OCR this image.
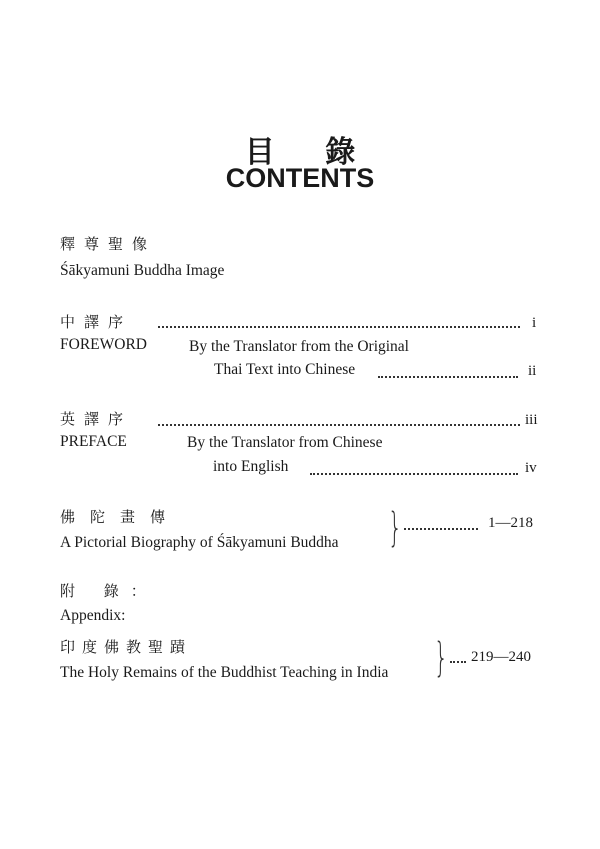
目 錄
CONTENTS
釋尊聖像
Śākyamuni Buddha Image
中譯序	i
FOREWORD	By the Translator from the Original
Thai Text into Chinese	ii
英譯序	iii
PREFACE	By the Translator from Chinese
into English	iv
佛陀畫傳
A Pictorial Biography of Śākyamuni Buddha }	1—218
附 錄：
Appendix:
印度佛教聖蹟
The Holy Remains of the Buddhist Teaching in India } 219—240
